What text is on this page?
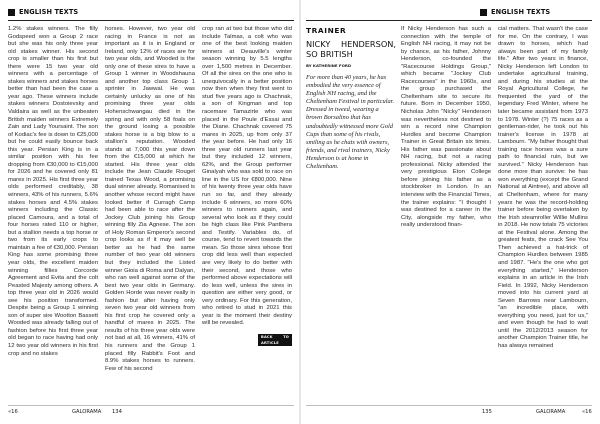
ENGLISH TEXTS

1.2% stakes winners. The filly Godspeed won a Group 2 race but she was his only three year old stakes winner. His second crop is smaller than his first but there were 15 two year old winners with a percentage of stakes winners and stakes horses better than had been the case a year ago. These winners include stakes winners Dostoievsky and Valdaira as well as the unbeaten British maiden winners Extremely Zain and Lady Yoursaint. The son of Kodiac's fee is down to €25,000 but he could easily bounce back this year. Persian King is in a similar position with his fee dropping from €30,000 to €15,000 for 2026 and he covered only 81 mares in 2025. His first three year olds performed creditably, 38 winners, 43% of his runners, 5.6% stakes horses and 4.5% stakes winners including the Classic placed Camoura, and a total of four horses rated 110 or higher, but a stallion needs a top horse or two from its early crops to maintain a fee of €30,000. Persian King has some promising three year olds, the excellent maiden winning fillies Corcorde Agreement and Evita and the colt Peasted Majesty among others. A top three year old in 2026 would see his position transformed. Despite being a Group 1 winning son of super sire Wootton Bassett Wooded was already falling out of fashion before his first three year old began to race having had only 12 two year old winners in his first crop and no stakes

horses. However, two year old racing in France is not as important as it is in England or Ireland, only 12% of races are for two year olds, and Wooded is the only one of these sires to have a Group 1 winner in Woodshauna and another top class Group 1 sprinter in Jawwal. He was certainly unlucky as one of his promising three year olds Hohenschwangau died in the spring and with only 58 foals on the ground losing a possible stakes horse is a big blow to a stallion's reputation. Wooded stands at 7,000 this year down from the €15,000 at which he started. His three year olds include the Jean Claude Rouget trained Texas Wood, a promising dual winner already. Romanised is another whose record might have looked better if Curragh Camp had been able to race after the Jockey Club joining his Group winning filly Zia Agnese. The son of Holy Roman Emperor's second crop looks as if it may well be better as he had the same number of two year old winners but they included the Listed winner Gioia di Roma and Dalyan, who ran well against some of the best two year olds in Germany. Golden Horde was never really in fashion but after having only seven two year old winners from his first crop he covered only a handful of mares in 2025. The results of his three year olds were not bad at all, 16 winners, 41% of his runners and the Group 1 placed filly Rabbit's Foot and 8.9% stakes horses to runners. Few of his second

crop ran at two but those who did include Talmas, a colt who was one of the best looking maiden winners at Deauville's winter season winning by 5.5 lengths over 1,500 metres in December. Of all the sires on the one who is unequivocally in a better position now then when they first went to stud five years ago is Chachnak, a son of Kingman and top racemare Tamazirte who was placed in the Poule d'Essai and the Diane. Chachnak covered 75 mares in 2025, up from only 37 the year before. He had only 16 three year old runners last year but they included 12 winners, 62%, and the Group performer Ginalyah who was sold to race on line in the US for €800,000. Nine of his twenty three year olds have run so far, and they already include 6 winners, so more 60% winners to runners again, and several who look as if they could be high class like Pink Panthera and Testify. Variables do, of course, tend to revert towards the mean. So those sires whose first crop did less well than expected are very likely to do better with their second, and those who performed above expectations will do less well, unless the sires in question are either very good, or very ordinary. For this generation, who retired to stud in 2021 this year is the moment their destiny will be revealed.

BACK TO ARTICLE
«16	GALORAMA 134
ENGLISH TEXTS
TRAINER
NICKY HENDERSON, SO BRITISH
BY KATHERINE FORD

For more than 40 years, he has embodied the very essence of English NH racing, and the Cheltenham Festival in particular. Dressed in tweed, wearing a brown Borsalino that has undoubtedly witnessed more Gold Cups than some of his rivals, smiling as he chats with owners, friends, and rival trainers, Nicky Henderson is at home in Cheltenham.

If Nicky Henderson has such a connection with the temple of English NH racing, it may not be by chance, as his father, Johnny Henderson, co-founded the "Racecourse Holdings Group," which became "Jockey Club Racecourses" in the 1960s, and the group purchased the Cheltenham site to secure its future. Born in December 1950, Nicholas John "Nicky" Henderson was nevertheless not destined to win a record nine Champion Hurdles and become Champion Trainer in Great Britain six times. His father was passionate about NH racing, but not a racing professional. Nicky attended the very prestigious Eton College before joining his father as a stockbroker in London. In an interview with the Financial Times, the trainer explains: "I thought I was destined for a career in the City, alongside my father, who really understood finan-

cial matters. That wasn't the case for me. On the contrary, I was drawn to horses, which had always been part of my family life." After two years in finance, Nicky Henderson left London to undertake agricultural training, and during his studies at the Royal Agricultural College, he frequented the yard of the legendary Fred Winter, where he later became assistant from 1973 to 1978. Winter (?) 75 races as a gentleman-rider, he took out his trainer's license in 1978 at Lambourn. "My father thought that training race horses was a sure path to financial ruin, but we survived." Nicky Henderson has done more than survive: he has won everything (except the Grand National at Aintree), and above all at Cheltenham, where for many years he was the record-holding trainer before being overtaken by the Irish steamroller Willie Mullins in 2018. He now totals 75 victories at the Festival alone. Among the greatest feats, the crack See You Then achieved a hat-trick of Champion Hurdles between 1985 and 1987. "He's the one who got everything started," Henderson explains in an article in the Irish Field. In 1992, Nicky Henderson moved into his current yard at Seven Barrows near Lambourn, "an incredible place, with everything you need, just for us," and even though he had to wait until the 2012/2013 season for another Champion Trainer title, he has always remained

135	GALORAMA	«16
